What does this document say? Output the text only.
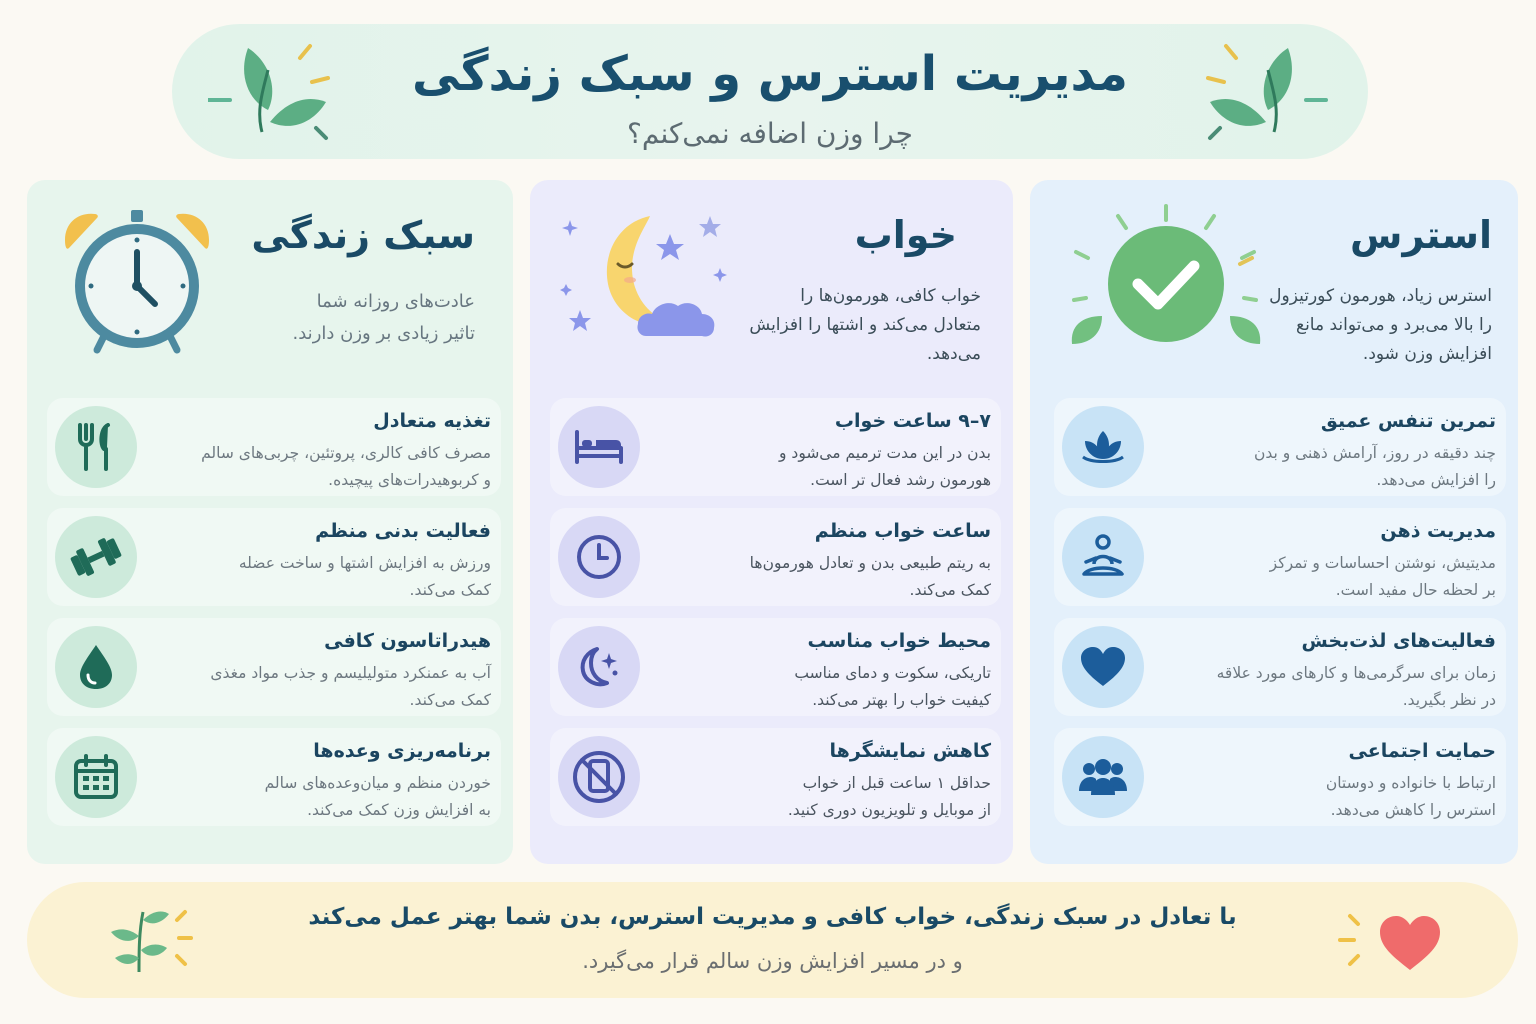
مدیریت استرس و سبک زندگی
چرا وزن اضافه نمی‌کنم؟
استرس
استرس زیاد، هورمون کورتیزول
را بالا می‌برد و می‌تواند مانع
افزایش وزن شود.
تمرین تنفس عمیق
چند دقیقه در روز، آرامش ذهنی و بدن
را افزایش می‌دهد.
مدیریت ذهن
مدیتیش، نوشتن احساسات و تمرکز
بر لحظه حال مفید است.
فعالیت‌های لذت‌بخش
زمان برای سرگرمی‌ها و کارهای مورد علاقه
در نظر بگیرید.
حمایت اجتماعی
ارتباط با خانواده و دوستان
استرس را کاهش می‌دهد.
خواب
خواب کافی، هورمون‌ها را
متعادل می‌کند و اشتها را افزایش
می‌دهد.
۷–۹ ساعت خواب
بدن در این مدت ترمیم می‌شود و
هورمون رشد فعال تر است.
ساعت خواب منظم
به ریتم طبیعی بدن و تعادل هورمون‌ها
کمک می‌کند.
محیط خواب مناسب
تاریکی، سکوت و دمای مناسب
کیفیت خواب را بهتر می‌کند.
کاهش نمایشگرها
حداقل ۱ ساعت قبل از خواب
از موبایل و تلویزیون دوری کنید.
سبک زندگی
عادت‌های روزانه شما
تاثیر زیادی بر وزن دارند.
تغذیه متعادل
مصرف کافی کالری، پروتئین، چربی‌های سالم
و کربوهیدرات‌های پیچیده.
فعالیت بدنی منظم
ورزش به افزایش اشتها و ساخت عضله
کمک می‌کند.
هیدراتاسون کافی
آب به عمنکرد متولیلیسم و جذب مواد مغذی
کمک می‌کند.
برنامه‌ریزی وعده‌ها
خوردن منظم و میان‌وعده‌های سالم
به افزایش وزن کمک می‌کند.
با تعادل در سبک زندگی، خواب کافی و مدیریت استرس، بدن شما بهتر عمل می‌کند
و در مسیر افزایش وزن سالم قرار می‌گیرد.
